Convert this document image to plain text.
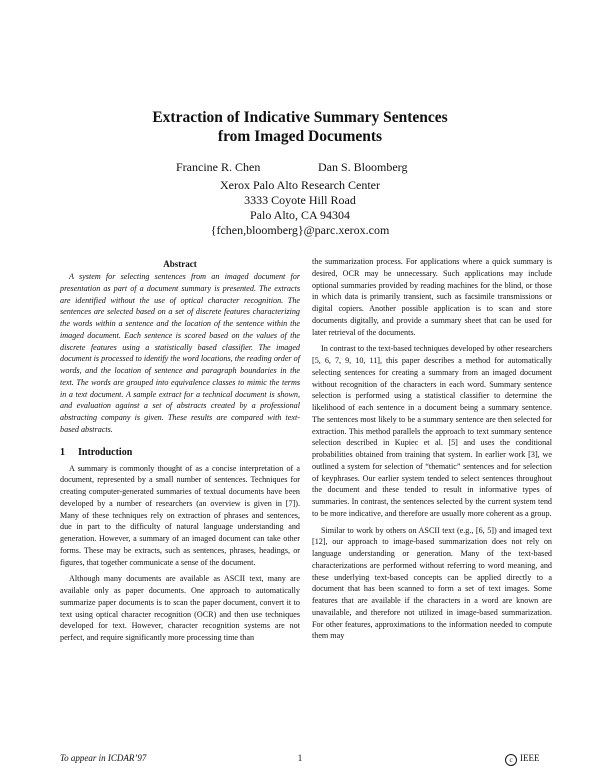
Extraction of Indicative Summary Sentences
from Imaged Documents
Francine R. Chen	Dan S. Bloomberg
Xerox Palo Alto Research Center
3333 Coyote Hill Road
Palo Alto, CA 94304
{fchen,bloomberg}@parc.xerox.com
Abstract

A system for selecting sentences from an imaged document for presentation as part of a document summary is presented. The extracts are identified without the use of optical character recognition. The sentences are selected based on a set of discrete features characterizing the words within a sentence and the location of the sentence within the imaged document. Each sentence is scored based on the values of the discrete features using a statistically based classifier. The imaged document is processed to identify the word locations, the reading order of words, and the location of sentence and paragraph boundaries in the text. The words are grouped into equivalence classes to mimic the terms in a text document. A sample extract for a technical document is shown, and evaluation against a set of abstracts created by a professional abstracting company is given. These results are compared with text-based abstracts.

1 Introduction

A summary is commonly thought of as a concise interpretation of a document, represented by a small number of sentences. Techniques for creating computer-generated summaries of textual documents have been developed by a number of researchers (an overview is given in [7]). Many of these techniques rely on extraction of phrases and sentences, due in part to the difficulty of natural language understanding and generation. However, a summary of an imaged document can take other forms. These may be extracts, such as sentences, phrases, headings, or figures, that together communicate a sense of the document.

Although many documents are available as ASCII text, many are available only as paper documents. One approach to automatically summarize paper documents is to scan the paper document, convert it to text using optical character recognition (OCR) and then use techniques developed for text. However, character recognition systems are not perfect, and require significantly more processing time than

the summarization process. For applications where a quick summary is desired, OCR may be unnecessary. Such applications may include optional summaries provided by reading machines for the blind, or those in which data is primarily transient, such as facsimile transmissions or digital copiers. Another possible application is to scan and store documents digitally, and provide a summary sheet that can be used for later retrieval of the documents.

In contrast to the text-based techniques developed by other researchers [5, 6, 7, 9, 10, 11], this paper describes a method for automatically selecting sentences for creating a summary from an imaged document without recognition of the characters in each word. Summary sentence selection is performed using a statistical classifier to determine the likelihood of each sentence in a document being a summary sentence. The sentences most likely to be a summary sentence are then selected for extraction. This method parallels the approach to text summary sentence selection described in Kupiec et al. [5] and uses the conditional probabilities obtained from training that system. In earlier work [3], we outlined a system for selection of “thematic” sentences and for selection of keyphrases. Our earlier system tended to select sentences throughout the document and these tended to result in informative types of summaries. In contrast, the sentences selected by the current system tend to be more indicative, and therefore are usually more coherent as a group.

Similar to work by others on ASCII text (e.g., [6, 5]) and imaged text [12], our approach to image-based summarization does not rely on language understanding or generation. Many of the text-based characterizations are performed without referring to word meaning, and these underlying text-based concepts can be applied directly to a document that has been scanned to form a set of text images. Some features that are available if the characters in a word are known are unavailable, and therefore not utilized in image-based summarization. For other features, approximations to the information needed to compute them may

To appear in ICDAR’97	1	c IEEE
